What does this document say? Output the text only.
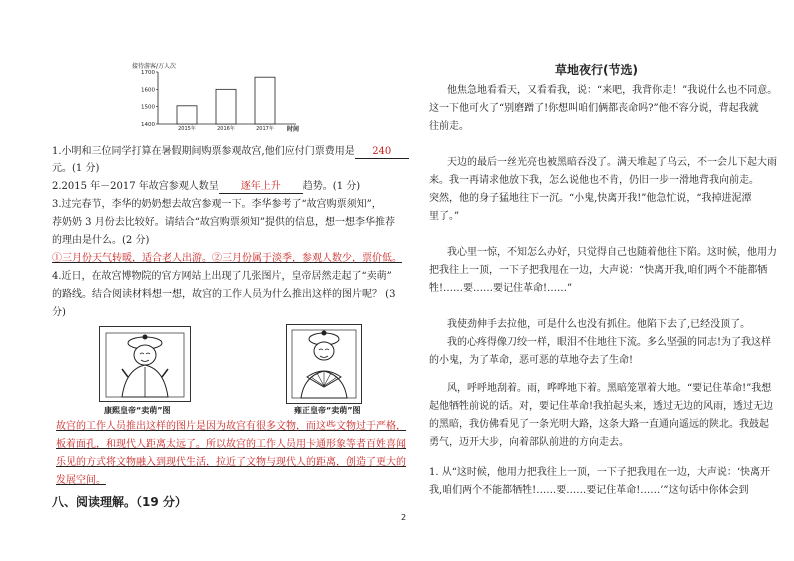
接待游客/万人次
时间
1700
1600
1500
1400
2015年	2016年	2017年
1.小明和三位同学打算在暑假期间购票参观故宫,他们应付门票费用是 240
元。(1 分)
2.2015 年－2017 年故宫参观人数呈 逐年上升 趋势。(1 分)
3.过完春节，李华的奶奶想去故宫参观一下。李华参考了“故宫购票须知”，
荐奶奶 3 月份去比较好。请结合“故宫购票须知”提供的信息，想一想李华推荐
的理由是什么。(2 分)
①三月份天气转暖，适合老人出游。②三月份属于淡季，参观人数少，票价低。
4.近日，在故宫博物院的官方网站上出现了几张图片，皇帝居然走起了“卖萌”
的路线。结合阅读材料想一想，故宫的工作人员为什么推出这样的图片呢？ (3
分)
康熙皇帝“卖萌”图	雍正皇帝“卖萌”图
故宫的工作人员推出这样的图片是因为故宫有很多文物，而这些文物过于严格，
板着面孔，和现代人距离太远了。所以故宫的工作人员用卡通形象等者百姓喜闻
乐见的方式将文物融入到现代生活，拉近了文物与现代人的距离，创造了更大的
发展空间。
八、阅读理解。（19 分）
草地夜行(节选)
他焦急地看看天，又看看我，说：“来吧，我背你走！”我说什么也不同意。
这一下他可火了“别磨蹭了!你想叫咱们俩都丧命吗?”他不容分说，背起我就
往前走。
天边的最后一丝光亮也被黑暗吞没了。满天堆起了乌云，不一会儿下起大雨
来。我一再请求他放下我，怎么说他也不肯，仍旧一步一滑地背我向前走。
突然，他的身子猛地往下一沉。“小鬼,快离开我!”他急忙说，“我掉进泥潭
里了。”
我心里一惊，不知怎么办好，只觉得自己也随着他往下陷。这时候，他用力
把我往上一顶，一下子把我甩在一边，大声说：“快离开我,咱们两个不能都牺
牲!……要……要记住革命!……”
我使劲伸手去拉他，可是什么也没有抓住。他陷下去了,已经没顶了。
我的心疼得像刀绞一样，眼泪不住地往下流。多么坚强的同志!为了我这样
的小鬼，为了革命，恶可恶的草地夺去了生命!
风，呼呼地刮着。雨，哗哗地下着。黑暗笼罩着大地。“要记住革命!”我想
起他牺牲前说的话。对，要记住革命!我拍起头来，透过无边的风雨，透过无边
的黑暗，我仿佛看见了一条光明大路，这条大路一直通向遥远的陕北。我鼓起
勇气，迈开大步，向着部队前进的方向走去。
1. 从“这时候，他用力把我往上一顶，一下子把我甩在一边，大声说：‘快离开
我,咱们两个不能都牺牲!……要……要记住革命!……’”这句话中你体会到
2
